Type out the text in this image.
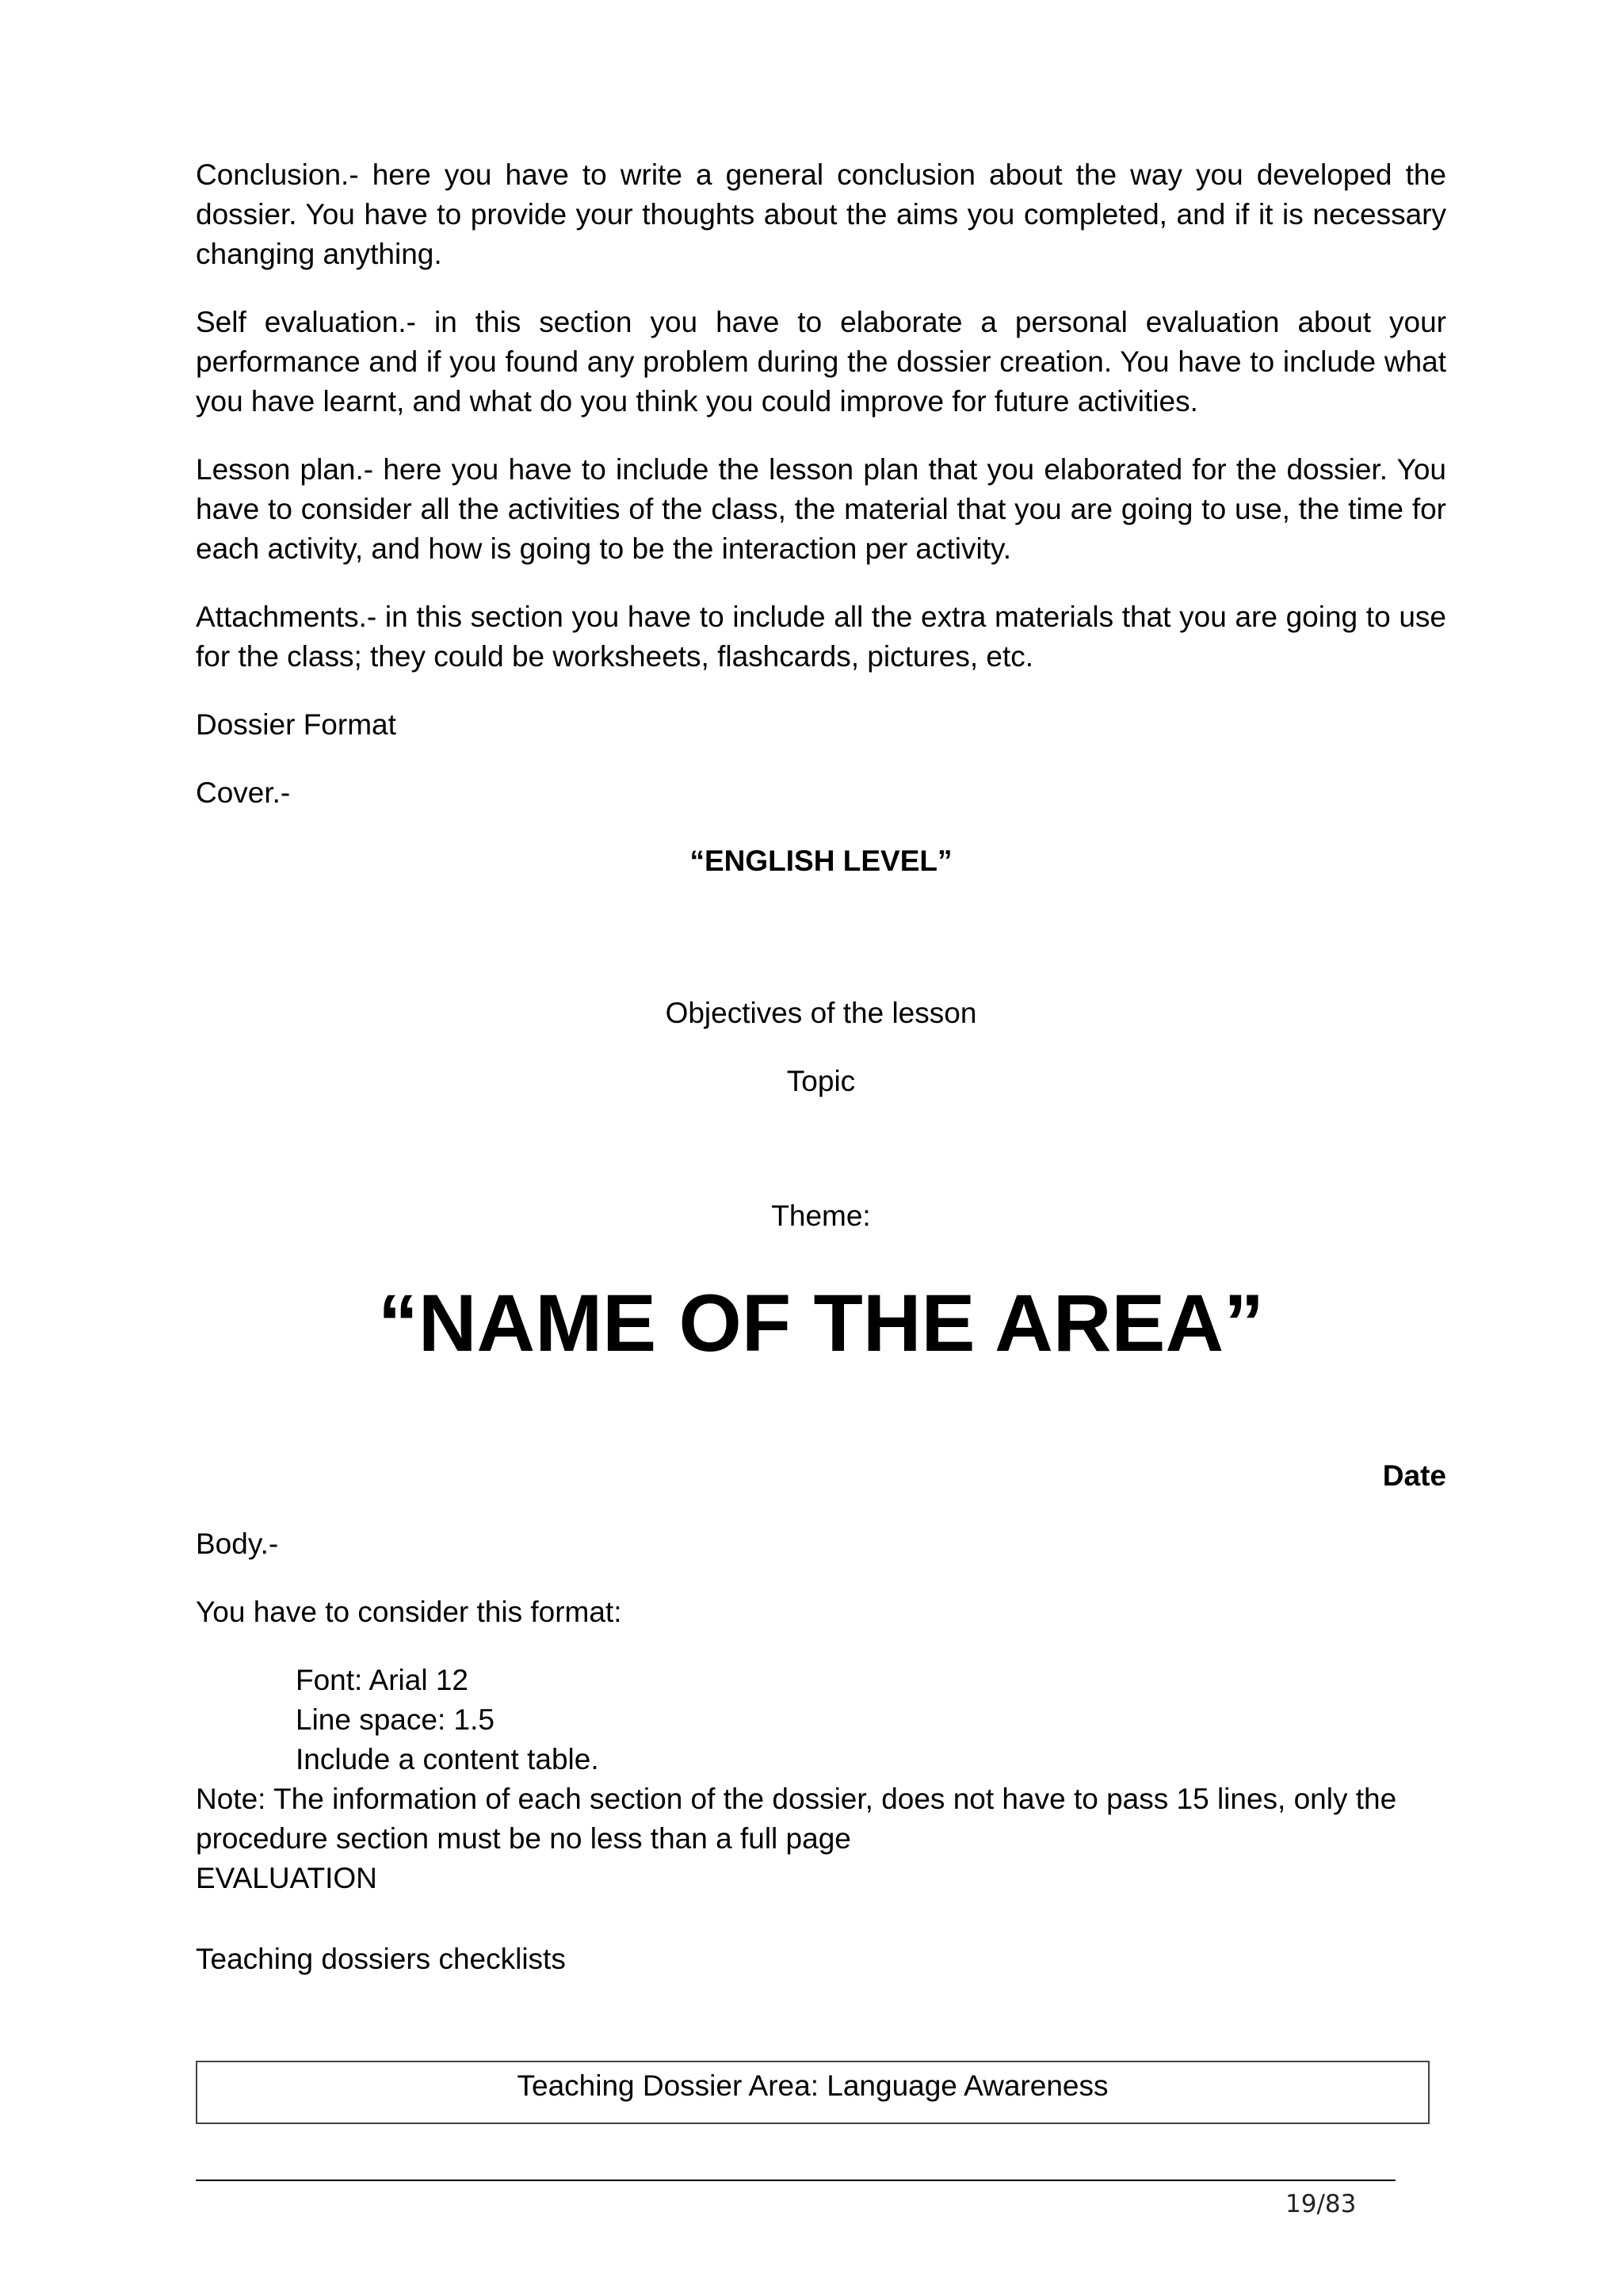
Conclusion.- here you have to write a general conclusion about the way you developed the dossier. You have to provide your thoughts about the aims you completed, and if it is necessary changing anything.

Self evaluation.- in this section you have to elaborate a personal evaluation about your performance and if you found any problem during the dossier creation. You have to include what you have learnt, and what do you think you could improve for future activities.

Lesson plan.- here you have to include the lesson plan that you elaborated for the dossier. You have to consider all the activities of the class, the material that you are going to use, the time for each activity, and how is going to be the interaction per activity.

Attachments.- in this section you have to include all the extra materials that you are going to use for the class; they could be worksheets, flashcards, pictures, etc.

Dossier Format

Cover.-

“ENGLISH LEVEL”
Objectives of the lesson
Topic
Theme:
“NAME OF THE AREA”
Date

Body.-

You have to consider this format:

Font: Arial 12
Line space: 1.5
Include a content table.
Note: The information of each section of the dossier, does not have to pass 15 lines, only the
procedure section must be no less than a full page
EVALUATION
Teaching dossiers checklists
Teaching Dossier Area: Language Awareness
19/83
